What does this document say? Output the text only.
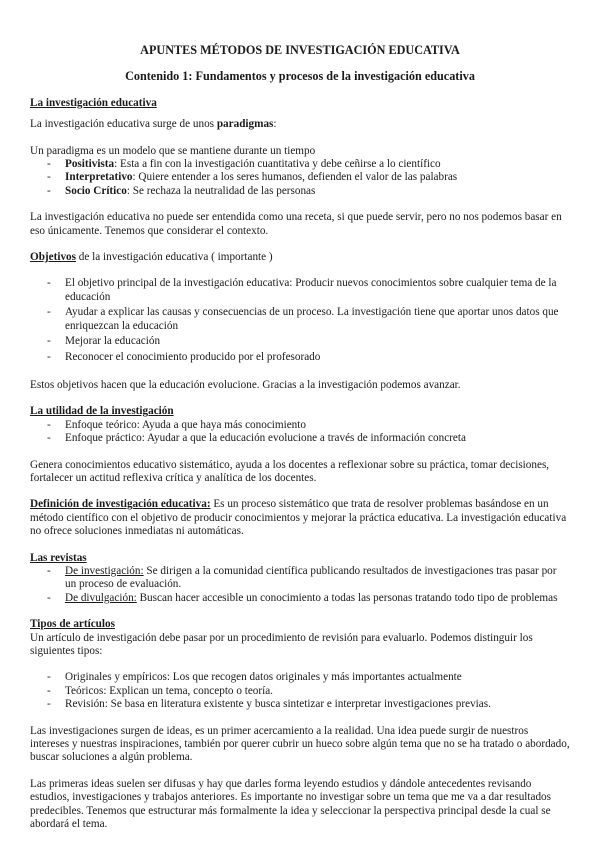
APUNTES MÉTODOS DE INVESTIGACIÓN EDUCATIVA
Contenido 1: Fundamentos y procesos de la investigación educativa
La investigación educativa

La investigación educativa surge de unos paradigmas:

Un paradigma es un modelo que se mantiene durante un tiempo

- Positivista: Esta a fin con la investigación cuantitativa y debe ceñirse a lo científico
- Interpretativo: Quiere entender a los seres humanos, defienden el valor de las palabras
- Socio Crítico: Se rechaza la neutralidad de las personas

La investigación educativa no puede ser entendida como una receta, si que puede servir, pero no nos podemos basar en eso únicamente. Tenemos que considerar el contexto.

Objetivos de la investigación educativa ( importante )

- El objetivo principal de la investigación educativa: Producir nuevos conocimientos sobre cualquier tema de la educación
- Ayudar a explicar las causas y consecuencias de un proceso. La investigación tiene que aportar unos datos que enriquezcan la educación
- Mejorar la educación
- Reconocer el conocimiento producido por el profesorado

Estos objetivos hacen que la educación evolucione. Gracias a la investigación podemos avanzar.

La utilidad de la investigación
- Enfoque teórico: Ayuda a que haya más conocimiento
- Enfoque práctico: Ayudar a que la educación evolucione a través de información concreta

Genera conocimientos educativo sistemático, ayuda a los docentes a reflexionar sobre su práctica, tomar decisiones, fortalecer un actitud reflexiva crítica y analítica de los docentes.

Definición de investigación educativa: Es un proceso sistemático que trata de resolver problemas basándose en un método científico con el objetivo de producir conocimientos y mejorar la práctica educativa. La investigación educativa no ofrece soluciones inmediatas ni automáticas.

Las revistas
- De investigación: Se dirigen a la comunidad científica publicando resultados de investigaciones tras pasar por un proceso de evaluación.
- De divulgación: Buscan hacer accesible un conocimiento a todas las personas tratando todo tipo de problemas
Tipos de artículos

Un artículo de investigación debe pasar por un procedimiento de revisión para evaluarlo. Podemos distinguir los siguientes tipos:

- Originales y empíricos: Los que recogen datos originales y más importantes actualmente
- Teóricos: Explican un tema, concepto o teoría.
- Revisión: Se basa en literatura existente y busca sintetizar e interpretar investigaciones previas.

Las investigaciones surgen de ideas, es un primer acercamiento a la realidad. Una idea puede surgir de nuestros intereses y nuestras inspiraciones, también por querer cubrir un hueco sobre algún tema que no se ha tratado o abordado, buscar soluciones a algún problema.

Las primeras ideas suelen ser difusas y hay que darles forma leyendo estudios y dándole antecedentes revisando estudios, investigaciones y trabajos anteriores. Es importante no investigar sobre un tema que me va a dar resultados predecibles. Tenemos que estructurar más formalmente la idea y seleccionar la perspectiva principal desde la cual se abordará el tema.
